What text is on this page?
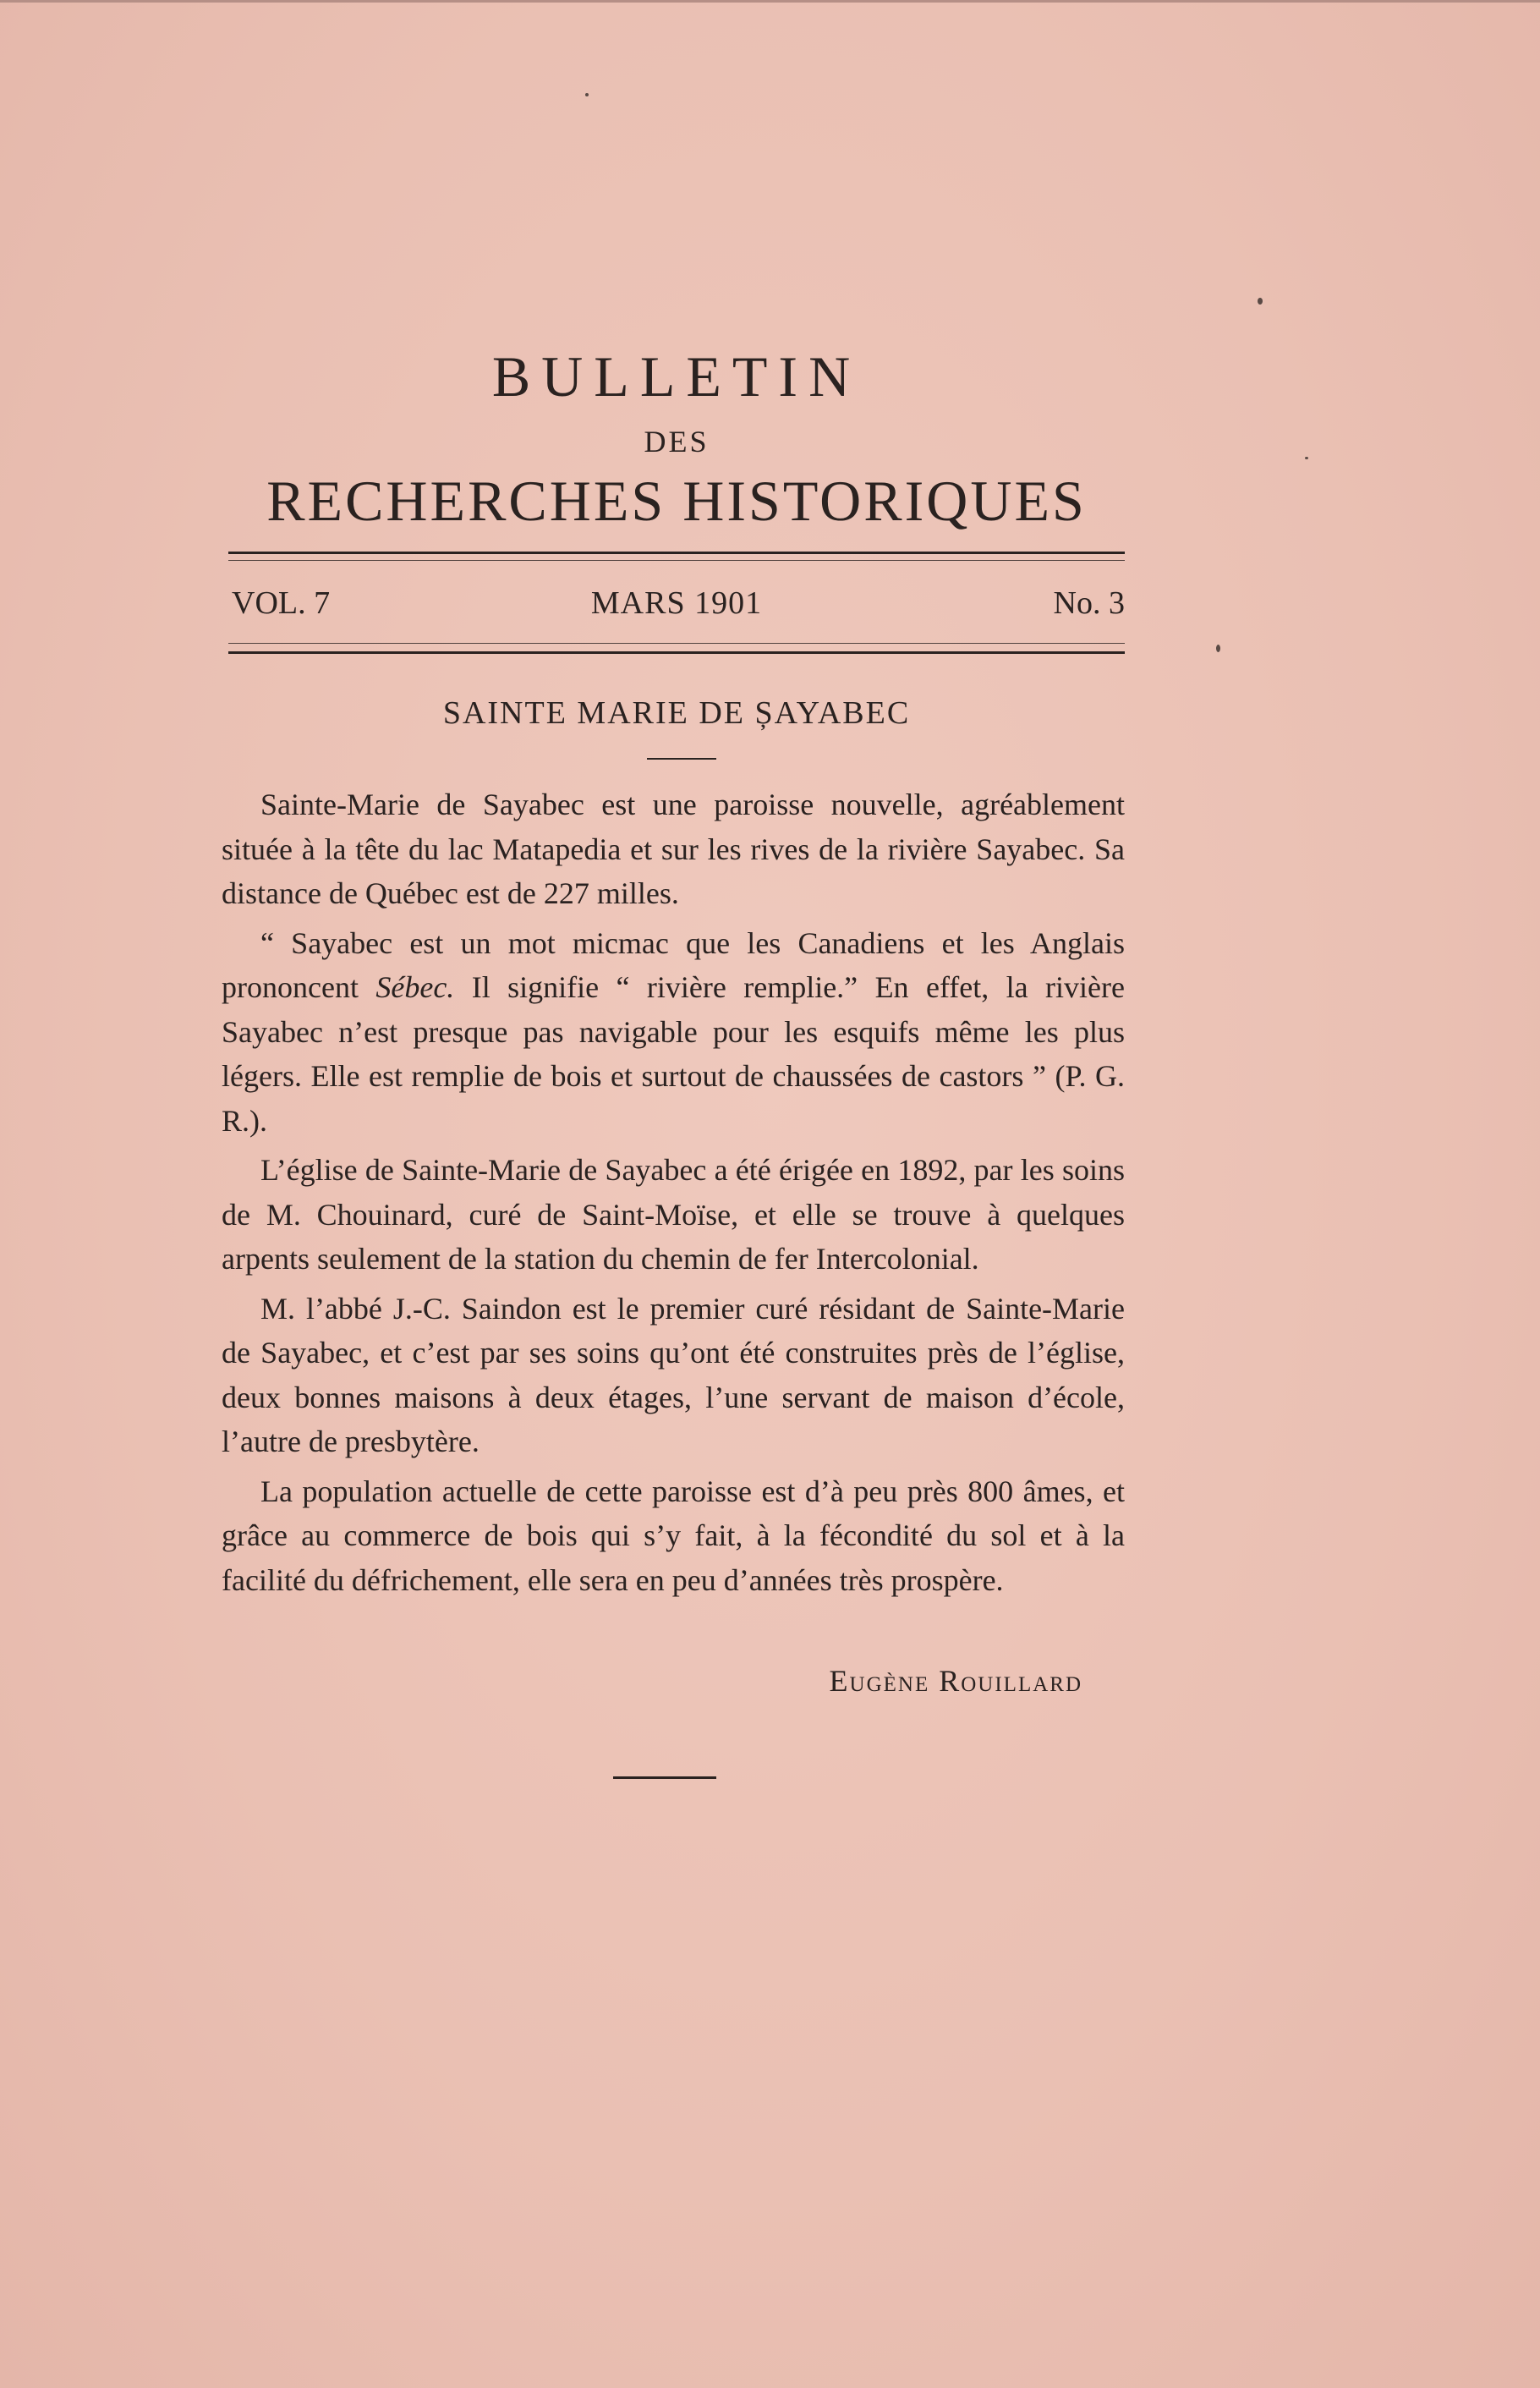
BULLETIN
DES
RECHERCHES HISTORIQUES
VOL. 7	MARS 1901	No. 3
SAINTE MARIE DE ȘAYABEC

Sainte-Marie de Sayabec est une paroisse nouvelle, agréablement située à la tête du lac Matapedia et sur les rives de la rivière Sayabec. Sa distance de Québec est de 227 milles.

“ Sayabec est un mot micmac que les Canadiens et les Anglais prononcent Sébec. Il signifie “ rivière remplie.” En effet, la rivière Sayabec n’est presque pas navigable pour les esquifs même les plus légers. Elle est remplie de bois et surtout de chaussées de castors ” (P. G. R.).

L’église de Sainte-Marie de Sayabec a été érigée en 1892, par les soins de M. Chouinard, curé de Saint-Moïse, et elle se trouve à quelques arpents seulement de la station du chemin de fer Intercolonial.

M. l’abbé J.-C. Saindon est le premier curé résidant de Sainte-Marie de Sayabec, et c’est par ses soins qu’ont été construites près de l’église, deux bonnes maisons à deux étages, l’une servant de maison d’école, l’autre de presbytère.

La population actuelle de cette paroisse est d’à peu près 800 âmes, et grâce au commerce de bois qui s’y fait, à la fécondité du sol et à la facilité du défrichement, elle sera en peu d’années très prospère.

Eugène Rouillard
